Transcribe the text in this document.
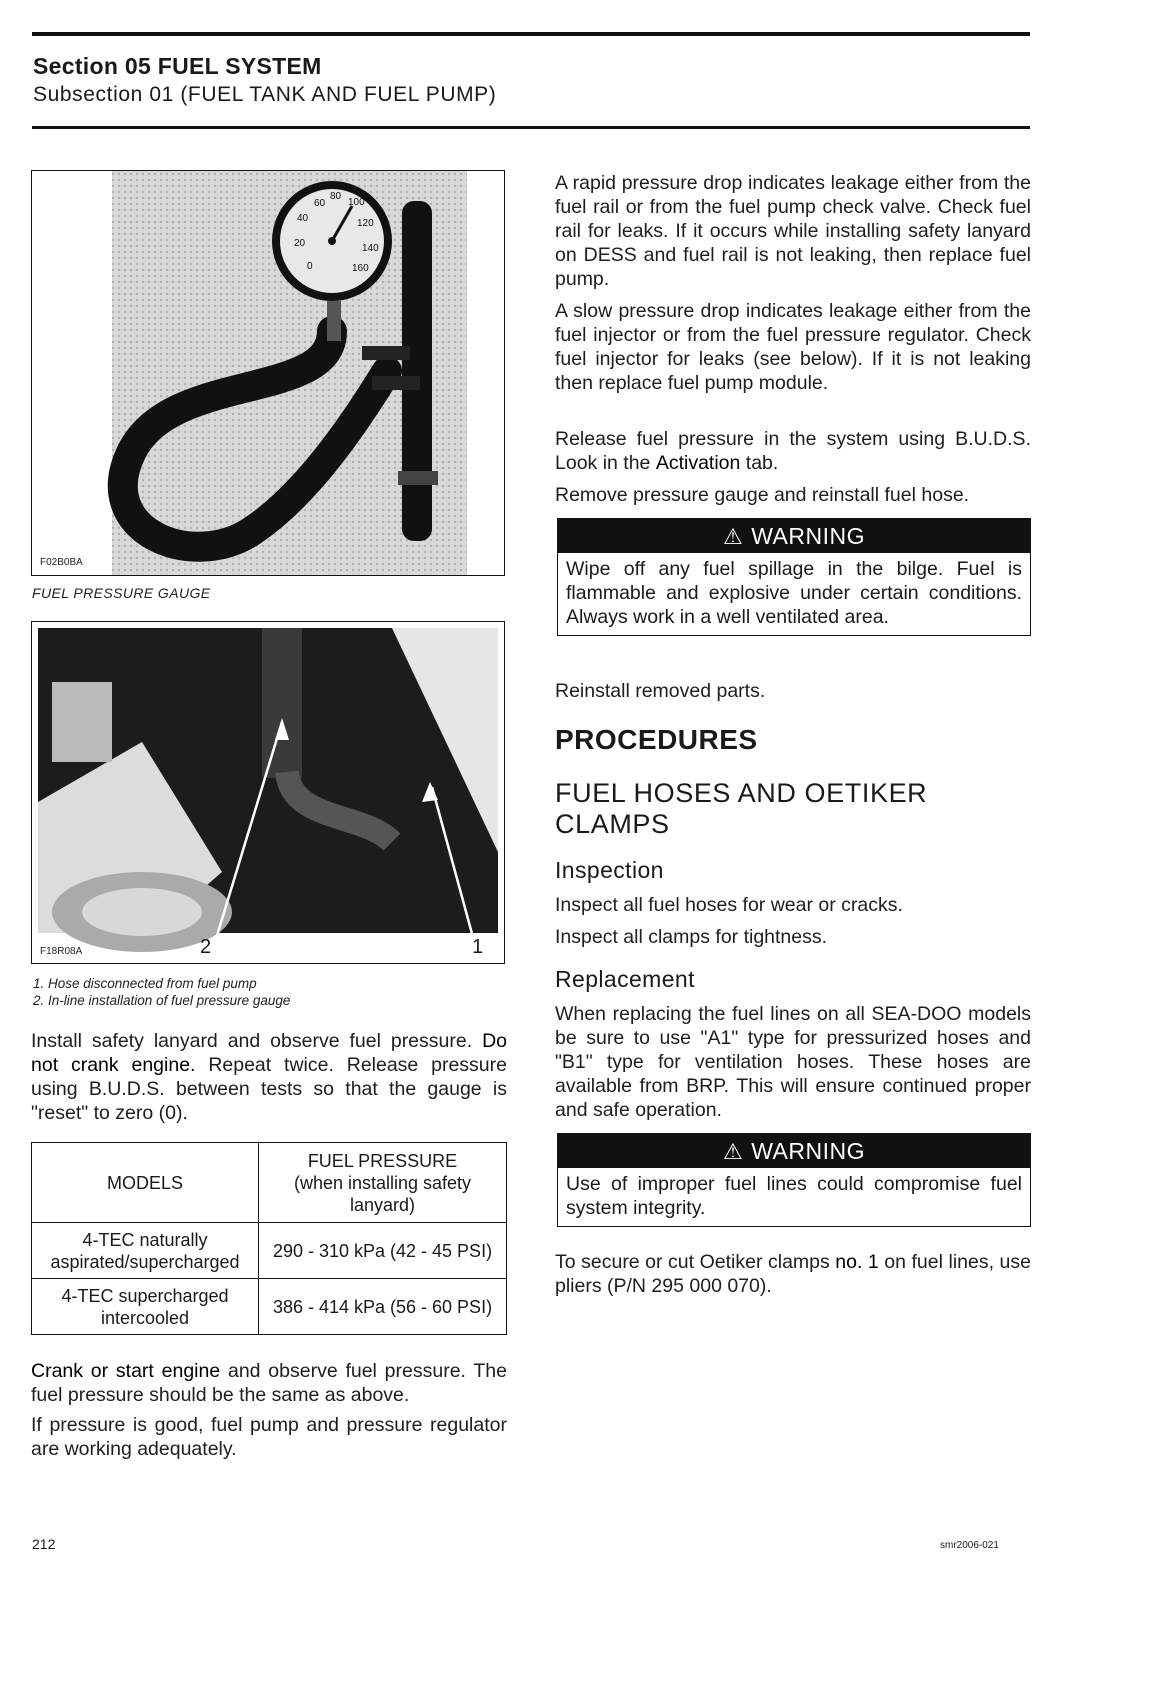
Section 05 FUEL SYSTEM
Subsection 01 (FUEL TANK AND FUEL PUMP)
60
80
100
40	120
20	140
0	160
F02B0BA
FUEL PRESSURE GAUGE
F18R08A	2	1
1. Hose disconnected from fuel pump
2. In-line installation of fuel pressure gauge

Install safety lanyard and observe fuel pressure. Do not crank engine. Repeat twice. Release pressure using B.U.D.S. between tests so that the gauge is "reset" to zero (0).

MODELS	FUEL PRESSURE
(when installing safety
lanyard)

4-TEC naturally
aspirated/supercharged	290 - 310 kPa (42 - 45 PSI)

4-TEC supercharged
intercooled	386 - 414 kPa (56 - 60 PSI)

Crank or start engine and observe fuel pressure. The fuel pressure should be the same as above.

If pressure is good, fuel pump and pressure regulator are working adequately.

A rapid pressure drop indicates leakage either from the fuel rail or from the fuel pump check valve. Check fuel rail for leaks. If it occurs while installing safety lanyard on DESS and fuel rail is not leaking, then replace fuel pump.

A slow pressure drop indicates leakage either from the fuel injector or from the fuel pressure regulator. Check fuel injector for leaks (see below). If it is not leaking then replace fuel pump module.

Release fuel pressure in the system using B.U.D.S. Look in the Activation tab.

Remove pressure gauge and reinstall fuel hose.

⚠ WARNING
Wipe off any fuel spillage in the bilge. Fuel is flammable and explosive under certain conditions. Always work in a well ventilated area.

Reinstall removed parts.

PROCEDURES
FUEL HOSES AND OETIKER CLAMPS
Inspection

Inspect all fuel hoses for wear or cracks.

Inspect all clamps for tightness.

Replacement

When replacing the fuel lines on all SEA-DOO models be sure to use "A1" type for pressurized hoses and "B1" type for ventilation hoses. These hoses are available from BRP. This will ensure continued proper and safe operation.

⚠ WARNING
Use of improper fuel lines could compromise fuel system integrity.

To secure or cut Oetiker clamps no. 1 on fuel lines, use pliers (P/N 295 000 070).

212	smr2006-021
